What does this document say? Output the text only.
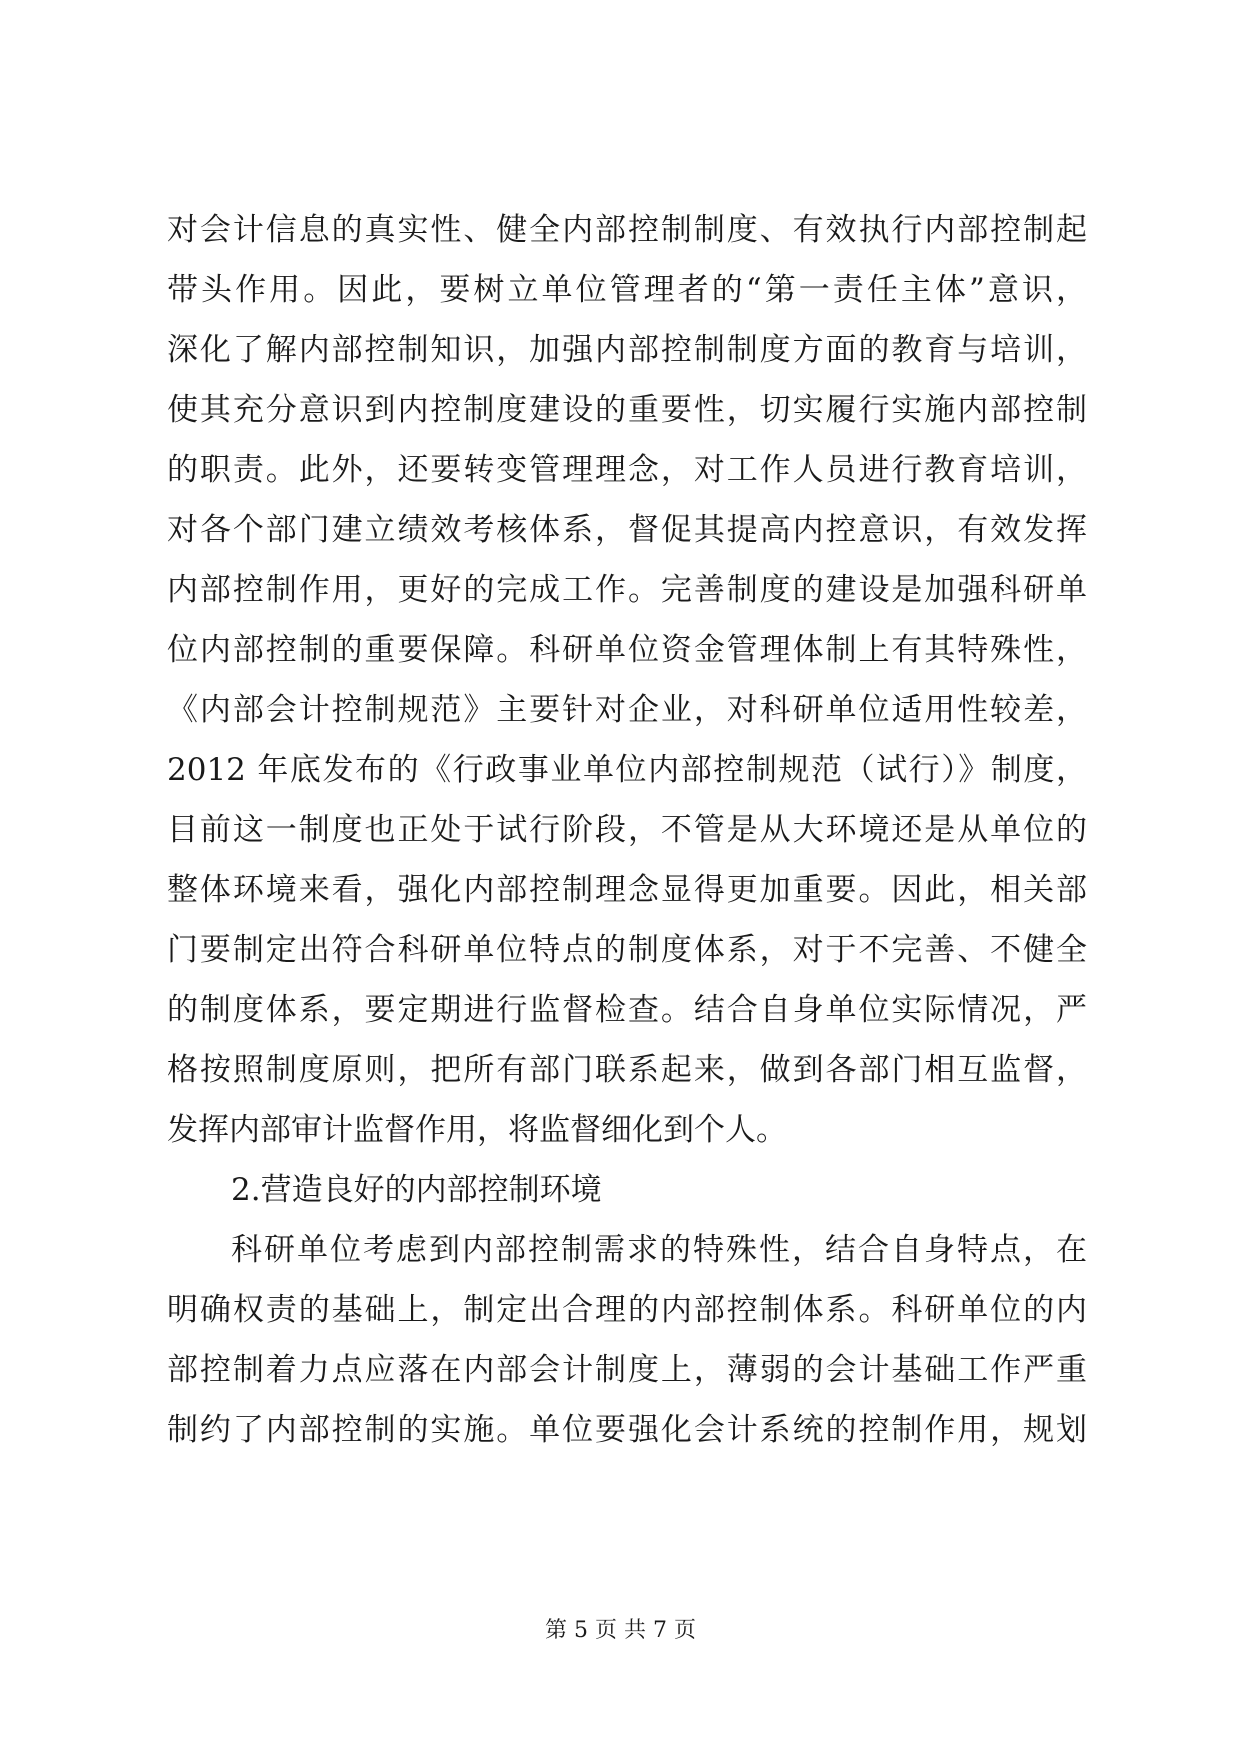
对会计信息的真实性、健全内部控制制度、有效执行内部控制起
带头作用。因此，要树立单位管理者的“第一责任主体”意识，
深化了解内部控制知识，加强内部控制制度方面的教育与培训，
使其充分意识到内控制度建设的重要性，切实履行实施内部控制
的职责。此外，还要转变管理理念，对工作人员进行教育培训，
对各个部门建立绩效考核体系，督促其提高内控意识，有效发挥
内部控制作用，更好的完成工作。完善制度的建设是加强科研单
位内部控制的重要保障。科研单位资金管理体制上有其特殊性，
《内部会计控制规范》主要针对企业，对科研单位适用性较差，
2012 年底发布的《行政事业单位内部控制规范（试行）》制度，
目前这一制度也正处于试行阶段，不管是从大环境还是从单位的
整体环境来看，强化内部控制理念显得更加重要。因此，相关部
门要制定出符合科研单位特点的制度体系，对于不完善、不健全
的制度体系，要定期进行监督检查。结合自身单位实际情况，严
格按照制度原则，把所有部门联系起来，做到各部门相互监督，
发挥内部审计监督作用，将监督细化到个人。
2.营造良好的内部控制环境
科研单位考虑到内部控制需求的特殊性，结合自身特点，在
明确权责的基础上，制定出合理的内部控制体系。科研单位的内
部控制着力点应落在内部会计制度上，薄弱的会计基础工作严重
制约了内部控制的实施。单位要强化会计系统的控制作用，规划
第 5 页 共 7 页
